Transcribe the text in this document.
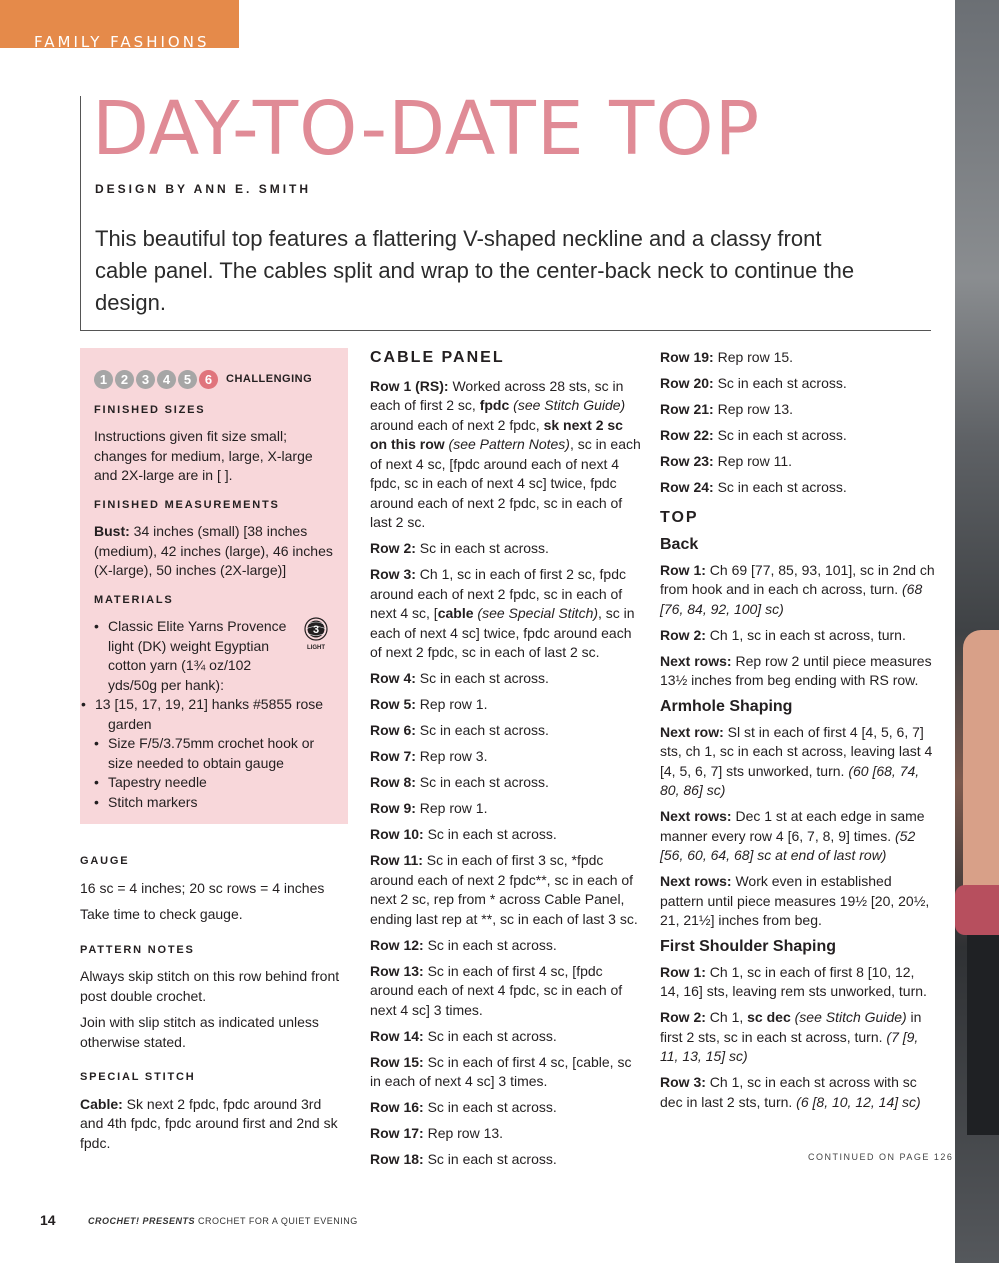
FAMILY FASHIONS
DAY-TO-DATE TOP
DESIGN BY ANN E. SMITH
This beautiful top features a flattering V-shaped neckline and a classy front cable panel. The cables split and wrap to the center-back neck to continue the design.
1	2	3	4	5	6	CHALLENGING
FINISHED SIZES

Instructions given fit size small; changes for medium, large, X-large and 2X-large are in [ ].

FINISHED MEASUREMENTS

Bust: 34 inches (small) [38 inches (medium), 42 inches (large), 46 inches (X-large), 50 inches (2X-large)]

MATERIALS
3
LIGHT
• Classic Elite Yarns Provence light (DK) weight Egyptian cotton yarn (1¾ oz/102 yds/50g per hank):
• 13 [15, 17, 19, 21] hanks #5855 rose garden
• Size F/5/3.75mm crochet hook or size needed to obtain gauge
• Tapestry needle
• Stitch markers
GAUGE

16 sc = 4 inches; 20 sc rows = 4 inches

Take time to check gauge.

PATTERN NOTES

Always skip stitch on this row behind front post double crochet.

Join with slip stitch as indicated unless otherwise stated.

SPECIAL STITCH

Cable: Sk next 2 fpdc, fpdc around 3rd and 4th fpdc, fpdc around first and 2nd sk fpdc.

CABLE PANEL

Row 1 (RS): Worked across 28 sts, sc in each of first 2 sc, fpdc (see Stitch Guide) around each of next 2 fpdc, sk next 2 sc on this row (see Pattern Notes), sc in each of next 4 sc, [fpdc around each of next 4 fpdc, sc in each of next 4 sc] twice, fpdc around each of next 2 fpdc, sc in each of last 2 sc.

Row 2: Sc in each st across.

Row 3: Ch 1, sc in each of first 2 sc, fpdc around each of next 2 fpdc, sc in each of next 4 sc, [cable (see Special Stitch), sc in each of next 4 sc] twice, fpdc around each of next 2 fpdc, sc in each of last 2 sc.

Row 4: Sc in each st across.

Row 5: Rep row 1.

Row 6: Sc in each st across.

Row 7: Rep row 3.

Row 8: Sc in each st across.

Row 9: Rep row 1.

Row 10: Sc in each st across.

Row 11: Sc in each of first 3 sc, *fpdc around each of next 2 fpdc**, sc in each of next 2 sc, rep from * across Cable Panel, ending last rep at **, sc in each of last 3 sc.

Row 12: Sc in each st across.

Row 13: Sc in each of first 4 sc, [fpdc around each of next 4 fpdc, sc in each of next 4 sc] 3 times.

Row 14: Sc in each st across.

Row 15: Sc in each of first 4 sc, [cable, sc in each of next 4 sc] 3 times.

Row 16: Sc in each st across.

Row 17: Rep row 13.

Row 18: Sc in each st across.

Row 19: Rep row 15.

Row 20: Sc in each st across.

Row 21: Rep row 13.

Row 22: Sc in each st across.

Row 23: Rep row 11.

Row 24: Sc in each st across.

TOP
Back

Row 1: Ch 69 [77, 85, 93, 101], sc in 2nd ch from hook and in each ch across, turn. (68 [76, 84, 92, 100] sc)

Row 2: Ch 1, sc in each st across, turn.

Next rows: Rep row 2 until piece measures 13½ inches from beg ending with RS row.

Armhole Shaping

Next row: Sl st in each of first 4 [4, 5, 6, 7] sts, ch 1, sc in each st across, leaving last 4 [4, 5, 6, 7] sts unworked, turn. (60 [68, 74, 80, 86] sc)

Next rows: Dec 1 st at each edge in same manner every row 4 [6, 7, 8, 9] times. (52 [56, 60, 64, 68] sc at end of last row)

Next rows: Work even in established pattern until piece measures 19½ [20, 20½, 21, 21½] inches from beg.

First Shoulder Shaping

Row 1: Ch 1, sc in each of first 8 [10, 12, 14, 16] sts, leaving rem sts unworked, turn.

Row 2: Ch 1, sc dec (see Stitch Guide) in first 2 sts, sc in each st across, turn. (7 [9, 11, 13, 15] sc)

Row 3: Ch 1, sc in each st across with sc dec in last 2 sts, turn. (6 [8, 10, 12, 14] sc)

CONTINUED ON PAGE 126
14	CROCHET! PRESENTS CROCHET FOR A QUIET EVENING
